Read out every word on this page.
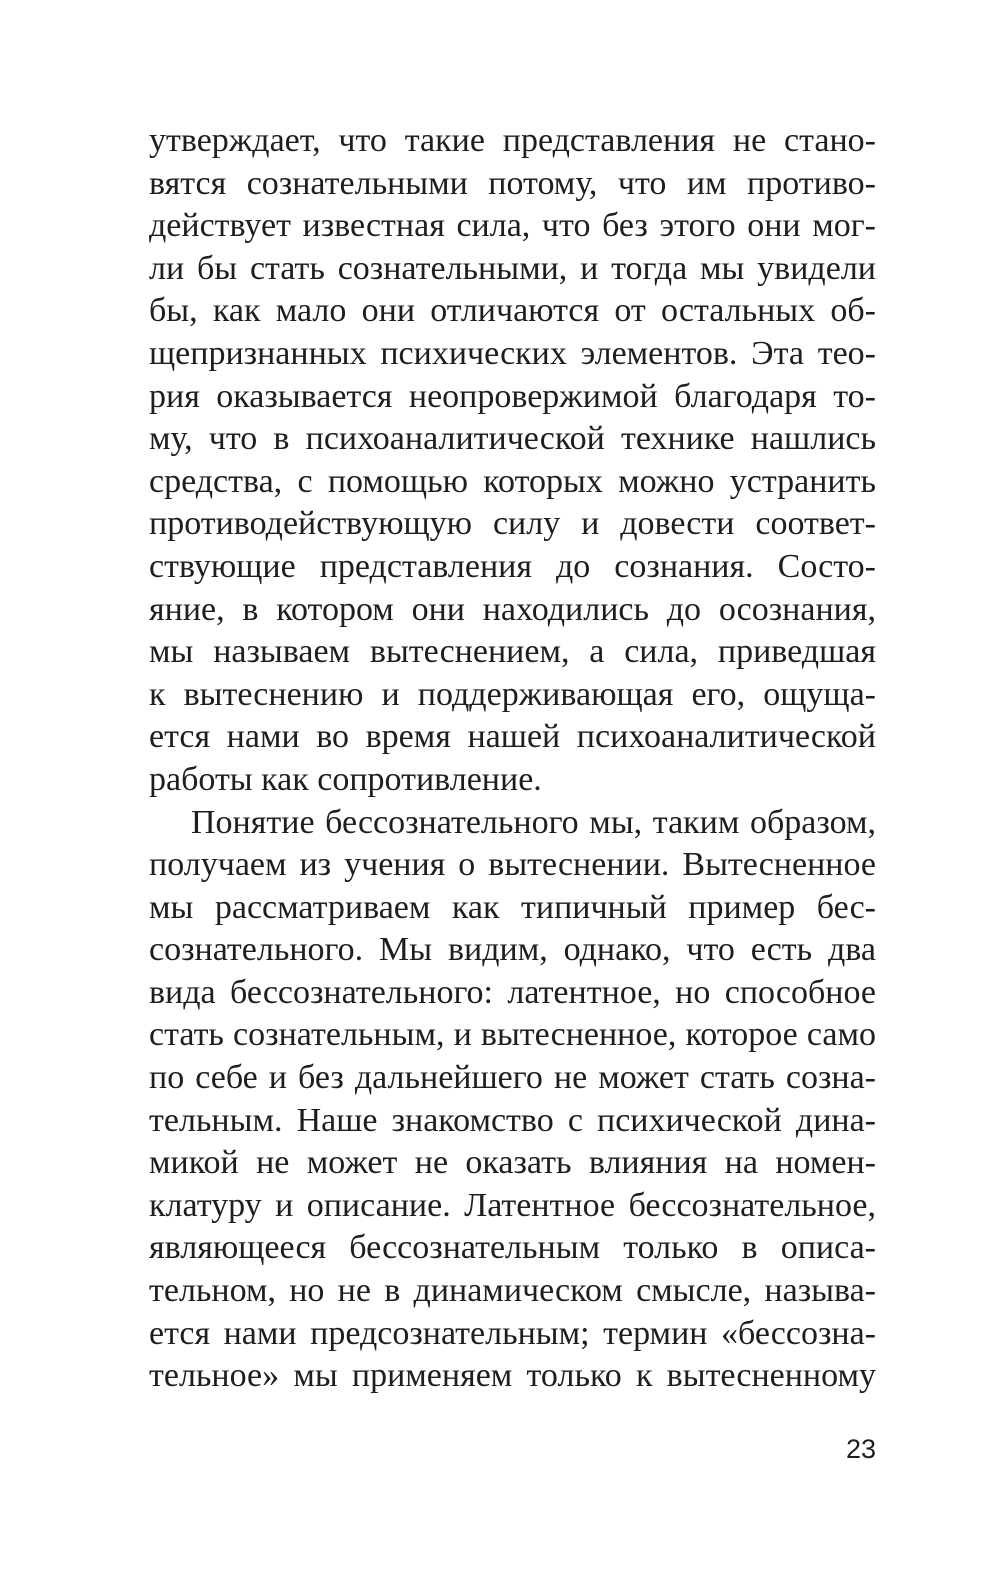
утверждает, что такие представления не стано-
вятся сознательными потому, что им противо-
действует известная сила, что без этого они мог-
ли бы стать сознательными, и тогда мы увидели
бы, как мало они отличаются от остальных об-
щепризнанных психических элементов. Эта тео-
рия оказывается неопровержимой благодаря то-
му, что в психоаналитической технике нашлись
средства, с помощью которых можно устранить
противодействующую силу и довести соответ-
ствующие представления до сознания. Состо-
яние, в котором они находились до осознания,
мы называем вытеснением, а сила, приведшая
к вытеснению и поддерживающая его, ощуща-
ется нами во время нашей психоаналитической
работы как сопротивление.
Понятие бессознательного мы, таким образом,
получаем из учения о вытеснении. Вытесненное
мы рассматриваем как типичный пример бес-
сознательного. Мы видим, однако, что есть два
вида бессознательного: латентное, но способное
стать сознательным, и вытесненное, которое само
по себе и без дальнейшего не может стать созна-
тельным. Наше знакомство с психической дина-
микой не может не оказать влияния на номен-
клатуру и описание. Латентное бессознательное,
являющееся бессознательным только в описа-
тельном, но не в динамическом смысле, называ-
ется нами предсознательным; термин «бессозна-
тельное» мы применяем только к вытесненному
23
